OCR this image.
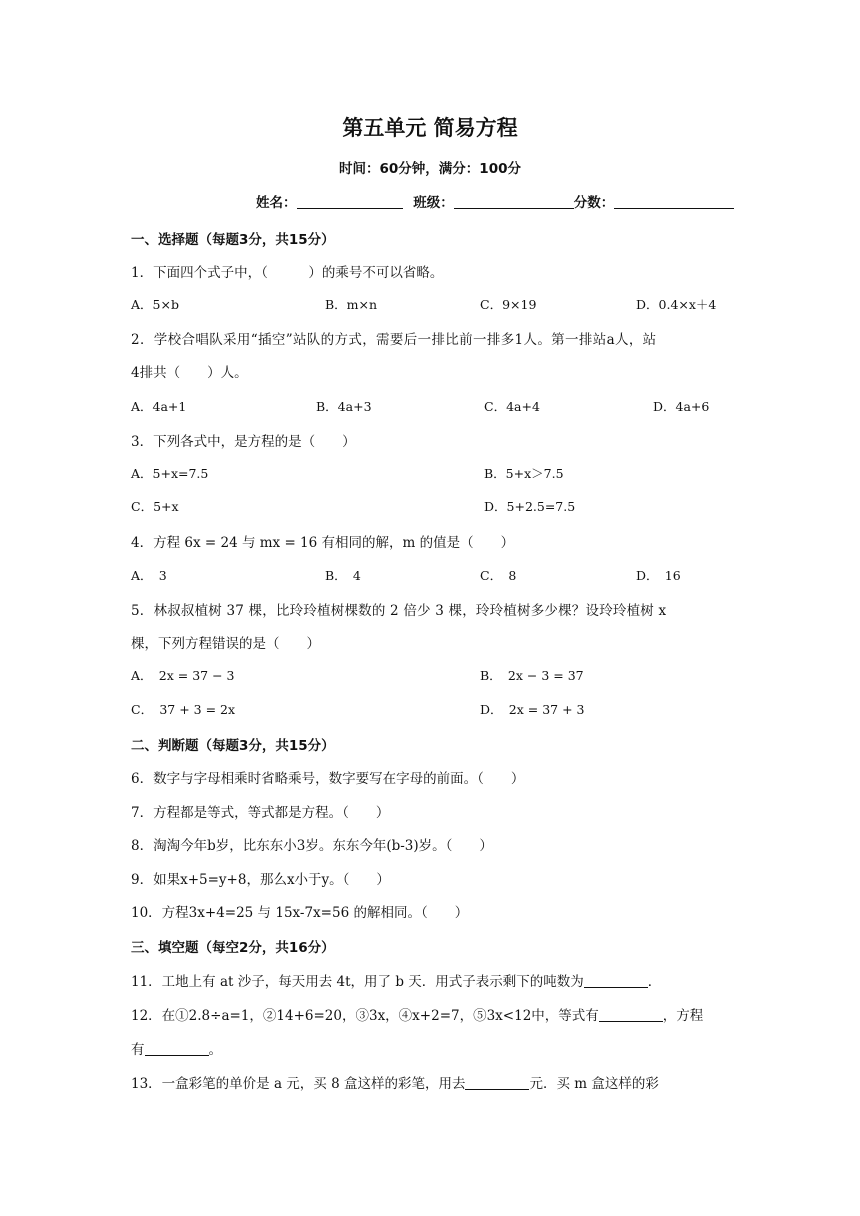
第五单元 简易方程
时间：60分钟，满分：100分
姓名：	班级：	分数：
一、选择题（每题3分，共15分）
1．下面四个式子中，（　　　）的乘号不可以省略。
A．5×b	B．m×n	C．9×19	D．0.4×x＋4
2．学校合唱队采用“插空”站队的方式，需要后一排比前一排多1人。第一排站a人，站
4排共（　　）人。
A．4a+1	B．4a+3	C．4a+4	D．4a+6
3．下列各式中，是方程的是（　　）
A．5+x=7.5	B．5+x＞7.5
C．5+x	D．5+2.5=7.5
4．方程 6x = 24 与 mx = 16 有相同的解，m 的值是（　　）
A．　3	B．　4	C．　8	D．　16
5．林叔叔植树 37 棵，比玲玲植树棵数的 2 倍少 3 棵，玲玲植树多少棵？设玲玲植树 x
棵，下列方程错误的是（　　）
A．　2x = 37 − 3	B．　2x − 3 = 37
C．　37 + 3 = 2x	D．　2x = 37 + 3
二、判断题（每题3分，共15分）
6．数字与字母相乘时省略乘号，数字要写在字母的前面。（　　）
7．方程都是等式，等式都是方程。（　　）
8．淘淘今年b岁，比东东小3岁。东东今年(b-3)岁。（　　）
9．如果x+5=y+8，那么x小于y。（　　）
10．方程3x+4=25 与 15x-7x=56 的解相同。（　　）
三、填空题（每空2分，共16分）
11．工地上有 at 沙子，每天用去 4t，用了 b 天．用式子表示剩下的吨数为	．
12．在①2.8÷a=1，②14+6=20，③3x，④x+2=7，⑤3x<12中，等式有	，方程
有	。
13．一盒彩笔的单价是 a 元，买 8 盒这样的彩笔，用去	元．买 m 盒这样的彩
